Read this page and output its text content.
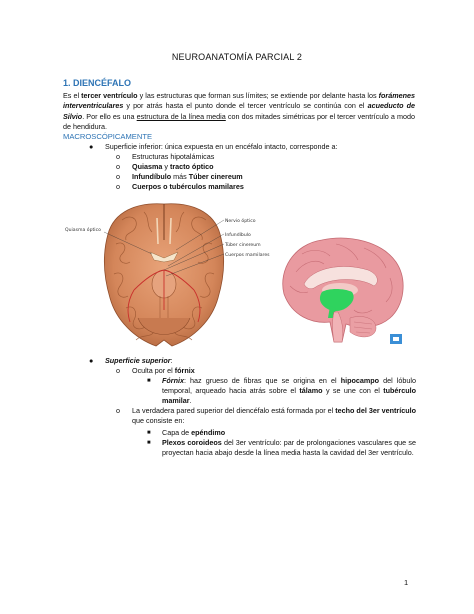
NEUROANATOMÍA PARCIAL 2
1. DIENCÉFALO
Es el tercer ventrículo y las estructuras que forman sus límites; se extiende por delante hasta los forámenes interventriculares y por atrás hasta el punto donde el tercer ventrículo se continúa con el acueducto de Silvio. Por ello es una estructura de la línea media con dos mitades simétricas por el tercer ventrículo a modo de hendidura.
MACROSCÓPICAMENTE
● Superficie inferior: única expuesta en un encéfalo intacto, corresponde a:
o Estructuras hipotalámicas
o Quiasma y tracto óptico
o Infundíbulo más Túber cinereum
o Cuerpos o tubérculos mamilares
Quiasma óptico
Nervio óptico
Infundíbulo
Túber cinereum
Cuerpos mamilares
● Superficie superior:
o Oculta por el fórnix
■ Fórnix: haz grueso de fibras que se origina en el hipocampo del lóbulo temporal, arqueado hacia atrás sobre el tálamo y se une con el tubérculo mamilar.
o La verdadera pared superior del diencéfalo está formada por el techo del 3er ventrículo que consiste en:
■ Capa de epéndimo
■ Plexos coroideos del 3er ventrículo: par de prolongaciones vasculares que se proyectan hacia abajo desde la línea media hasta la cavidad del 3er ventrículo.
1
